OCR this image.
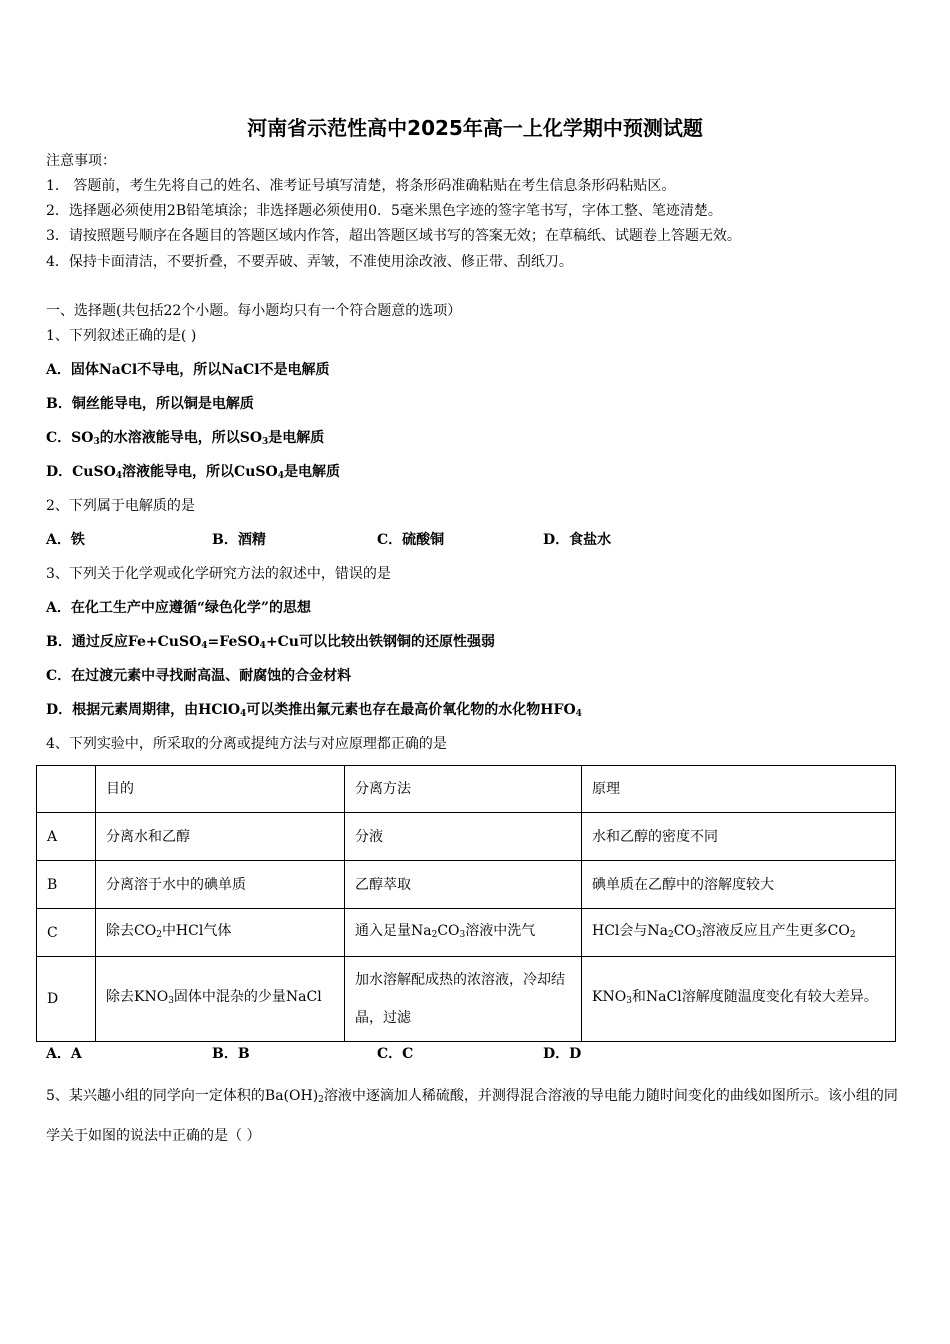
河南省示范性高中2025年高一上化学期中预测试题
注意事项：
1． 答题前，考生先将自己的姓名、准考证号填写清楚，将条形码准确粘贴在考生信息条形码粘贴区。
2．选择题必须使用2B铅笔填涂；非选择题必须使用0．5毫米黑色字迹的签字笔书写，字体工整、笔迹清楚。
3．请按照题号顺序在各题目的答题区域内作答，超出答题区域书写的答案无效；在草稿纸、试题卷上答题无效。
4．保持卡面清洁，不要折叠，不要弄破、弄皱，不准使用涂改液、修正带、刮纸刀。
一、选择题(共包括22个小题。每小题均只有一个符合题意的选项）
1、下列叙述正确的是( )
A．固体NaCl不导电，所以NaCl不是电解质
B．铜丝能导电，所以铜是电解质
C．$SO_3$的水溶液能导电，所以$SO_3$是电解质
D．CuSO$_4$溶液能导电，所以CuSO$_4$是电解质
2、下列属于电解质的是
A．铁	B．酒精	C．硫酸铜	D．食盐水
3、下列关于化学观或化学研究方法的叙述中，错误的是
A．在化工生产中应遵循“绿色化学”的思想
B．通过反应Fe+CuSO$_4$=FeSO$_4$+Cu可以比较出铁钢铜的还原性强弱
C．在过渡元素中寻找耐高温、耐腐蚀的合金材料
D．根据元素周期律，由HClO$_4$可以类推出氟元素也存在最高价氧化物的水化物$HFO_4$
4、下列实验中，所采取的分离或提纯方法与对应原理都正确的是
	目的	分离方法	原理
A	分离水和乙醇	分液	水和乙醇的密度不同
B	分离溶于水中的碘单质	乙醇萃取	碘单质在乙醇中的溶解度较大
C	除去$CO_2$中HCl气体	通入足量$Na_2CO_3$溶液中洗气	HCl会与$Na_2CO_3$溶液反应且产生更多$CO_2$
D	除去$KNO_3$固体中混杂的少量NaCl	加水溶解配成热的浓溶液，冷却结晶，过滤	$KNO_3$和NaCl溶解度随温度变化有较大差异。
A．A	B．B	C．C	D．D
5、某兴趣小组的同学向一定体积的$Ba(OH)_2$溶液中逐滴加人稀硫酸，并测得混合溶液的导电能力随时间变化的曲线如图所示。该小组的同学关于如图的说法中正确的是（ ）
